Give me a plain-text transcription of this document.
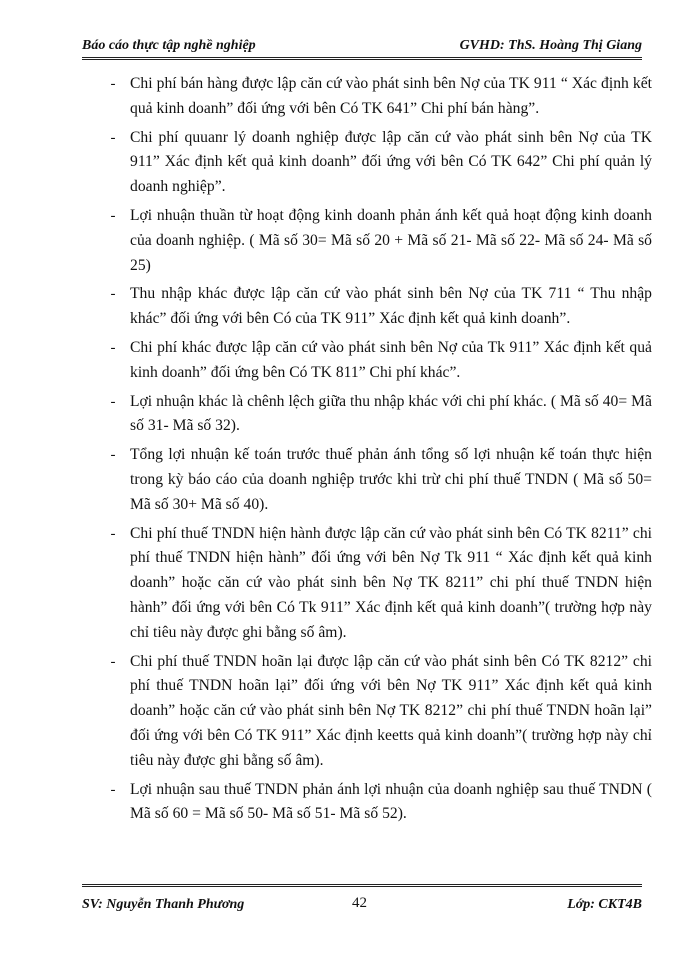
Báo cáo thực tập nghề nghiệp	GVHD: ThS. Hoàng Thị Giang
- Chi phí bán hàng được lập căn cứ vào phát sinh bên Nợ của TK 911 “ Xác định kết quả kinh doanh” đối ứng với bên Có TK 641” Chi phí bán hàng”.
- Chi phí quuanr lý doanh nghiệp được lập căn cứ vào phát sinh bên Nợ của TK 911” Xác định kết quả kinh doanh” đối ứng với bên Có TK 642” Chi phí quản lý doanh nghiệp”.
- Lợi nhuận thuần từ hoạt động kinh doanh phản ánh kết quả hoạt động kinh doanh của doanh nghiệp. ( Mã số 30= Mã số 20 + Mã số 21- Mã số 22- Mã số 24- Mã số 25)
- Thu nhập khác được lập căn cứ vào phát sinh bên Nợ của TK 711 “ Thu nhập khác” đối ứng với bên Có của TK 911” Xác định kết quả kinh doanh”.
- Chi phí khác được lập căn cứ vào phát sinh bên Nợ của Tk 911” Xác định kết quả kinh doanh” đối ứng bên Có TK 811” Chi phí khác”.
- Lợi nhuận khác là chênh lệch giữa thu nhập khác với chi phí khác. ( Mã số 40= Mã số 31- Mã số 32).
- Tổng lợi nhuận kế toán trước thuế phản ánh tổng số lợi nhuận kế toán thực hiện trong kỳ báo cáo của doanh nghiệp trước khi trừ chi phí thuế TNDN ( Mã số 50= Mã số 30+ Mã số 40).
- Chi phí thuế TNDN hiện hành được lập căn cứ vào phát sinh bên Có TK 8211” chi phí thuế TNDN hiện hành” đối ứng với bên Nợ Tk 911 “ Xác định kết quả kinh doanh” hoặc căn cứ vào phát sinh bên Nợ TK 8211” chi phí thuế TNDN hiện hành” đối ứng với bên Có Tk 911” Xác định kết quả kinh doanh”( trường hợp này chỉ tiêu này được ghi bằng số âm).
- Chi phí thuế TNDN hoãn lại được lập căn cứ vào phát sinh bên Có TK 8212” chi phí thuế TNDN hoãn lại” đối ứng với bên Nợ TK 911” Xác định kết quả kinh doanh” hoặc căn cứ vào phát sinh bên Nợ TK 8212” chi phí thuế TNDN hoãn lại” đối ứng với bên Có TK 911” Xác định keetts quả kinh doanh”( trường hợp này chỉ tiêu này được ghi bằng số âm).
- Lợi nhuận sau thuế TNDN phản ánh lợi nhuận của doanh nghiệp sau thuế TNDN ( Mã số 60 = Mã số 50- Mã số 51- Mã số 52).
SV: Nguyễn Thanh Phương	42	Lớp: CKT4B
